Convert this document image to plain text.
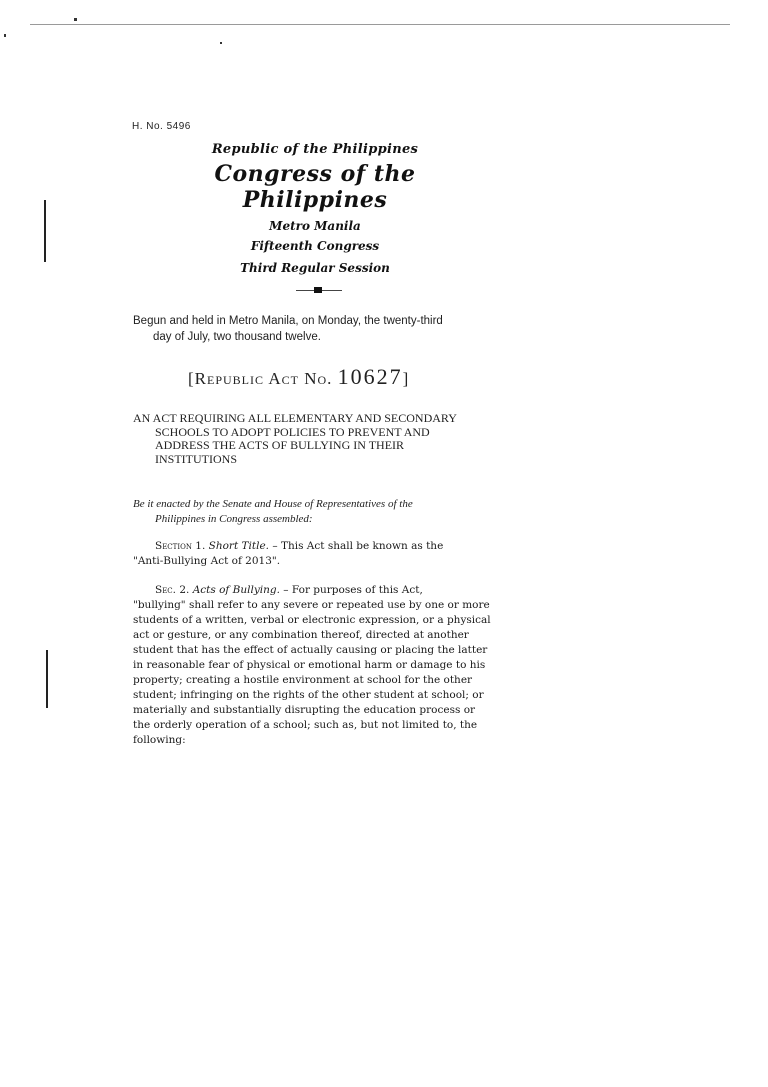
H. No. 5496
Republic of the Philippines
Congress of the Philippines
Metro Manila
Fifteenth Congress
Third Regular Session
Begun and held in Metro Manila, on Monday, the twenty-third
day of July, two thousand twelve.
[Republic Act No. 10627]
AN ACT REQUIRING ALL ELEMENTARY AND SECONDARY
SCHOOLS TO ADOPT POLICIES TO PREVENT AND
ADDRESS THE ACTS OF BULLYING IN THEIR
INSTITUTIONS
Be it enacted by the Senate and House of Representatives of the
Philippines in Congress assembled:
Section 1. Short Title. – This Act shall be known as the
"Anti-Bullying Act of 2013".
Sec. 2. Acts of Bullying. – For purposes of this Act,
"bullying" shall refer to any severe or repeated use by one or more
students of a written, verbal or electronic expression, or a physical
act or gesture, or any combination thereof, directed at another
student that has the effect of actually causing or placing the latter
in reasonable fear of physical or emotional harm or damage to his
property; creating a hostile environment at school for the other
student; infringing on the rights of the other student at school; or
materially and substantially disrupting the education process or
the orderly operation of a school; such as, but not limited to, the
following:
